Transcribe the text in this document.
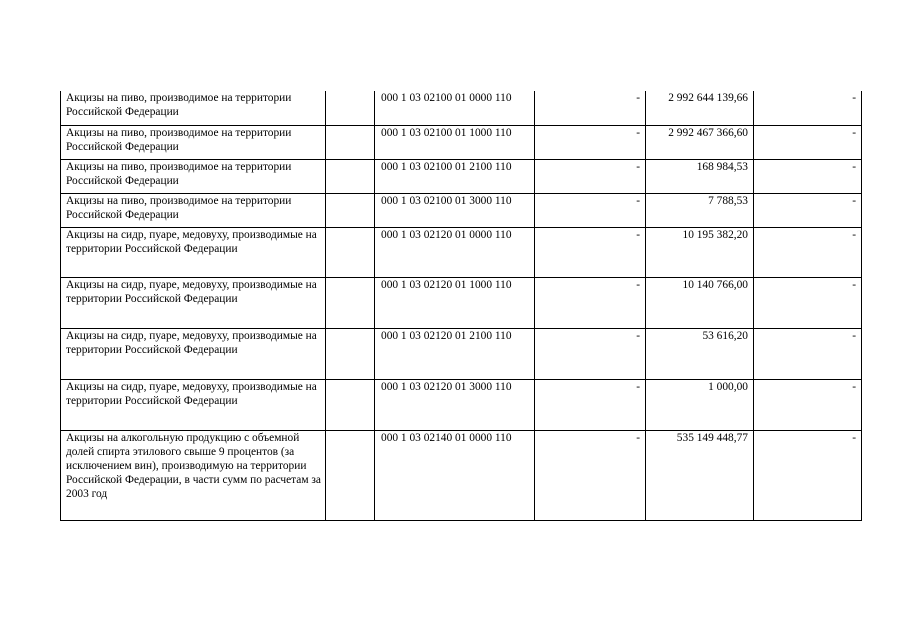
Акцизы на пиво, производимое на территории Российской Федерации		000 1 03 02100 01 0000 110	-	2 992 644 139,66	-
Акцизы на пиво, производимое на территории Российской Федерации		000 1 03 02100 01 1000 110	-	2 992 467 366,60	-
Акцизы на пиво, производимое на территории Российской Федерации		000 1 03 02100 01 2100 110	-	168 984,53	-
Акцизы на пиво, производимое на территории Российской Федерации		000 1 03 02100 01 3000 110	-	7 788,53	-
Акцизы на сидр, пуаре, медовуху, производимые на территории Российской Федерации		000 1 03 02120 01 0000 110	-	10 195 382,20	-
Акцизы на сидр, пуаре, медовуху, производимые на территории Российской Федерации		000 1 03 02120 01 1000 110	-	10 140 766,00	-
Акцизы на сидр, пуаре, медовуху, производимые на территории Российской Федерации		000 1 03 02120 01 2100 110	-	53 616,20	-
Акцизы на сидр, пуаре, медовуху, производимые на территории Российской Федерации		000 1 03 02120 01 3000 110	-	1 000,00	-
Акцизы на алкогольную продукцию с объемной долей спирта этилового свыше 9 процентов (за исключением вин), производимую на территории Российской Федерации, в части сумм по расчетам за 2003 год		000 1 03 02140 01 0000 110	-	535 149 448,77	-
